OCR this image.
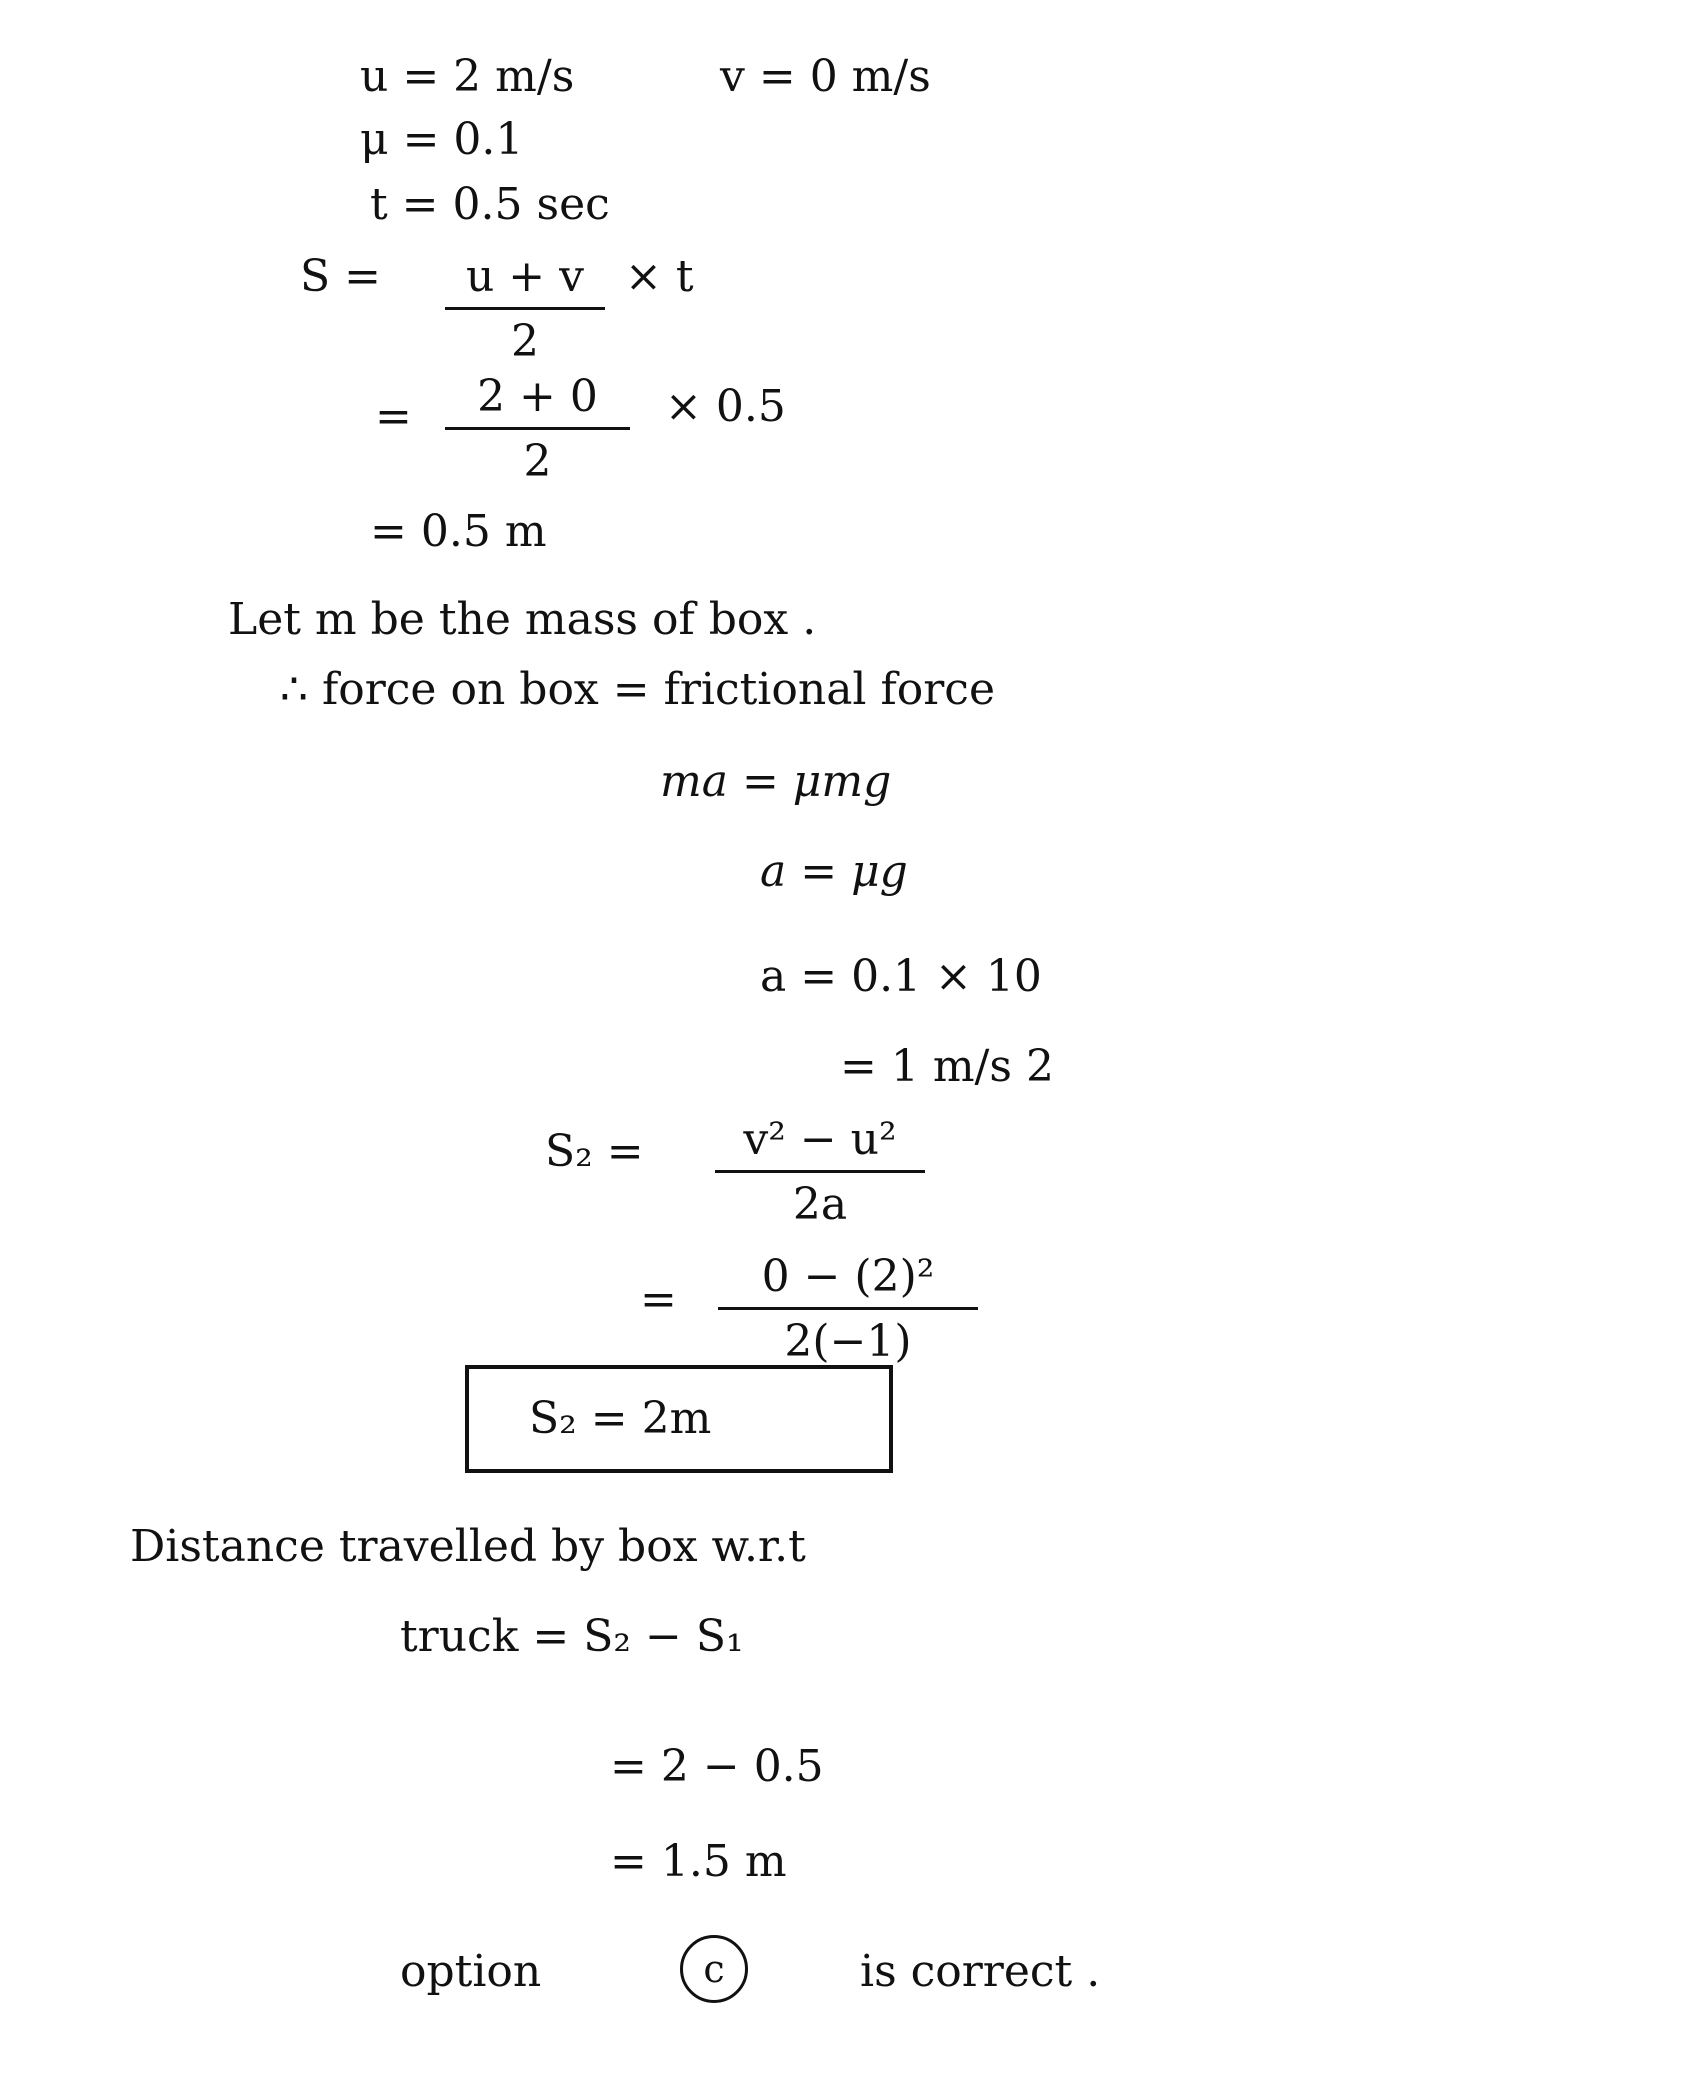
u = 2 m/s	v = 0 m/s
μ = 0.1
t = 0.5 sec
S =	u + v
2
× t
=	2 + 0
2
× 0.5
= 0.5 m
Let m be the mass of box .
∴ force on box = frictional force
ma = μmg
a = μg
a = 0.1 × 10
= 1 m/s 2
S₂ =	v² − u²
2a
=	0 − (2)²
2(−1)
S₂ = 2m
Distance travelled by box w.r.t
truck = S₂ − S₁
= 2 − 0.5
= 1.5 m
option	c	is correct .
